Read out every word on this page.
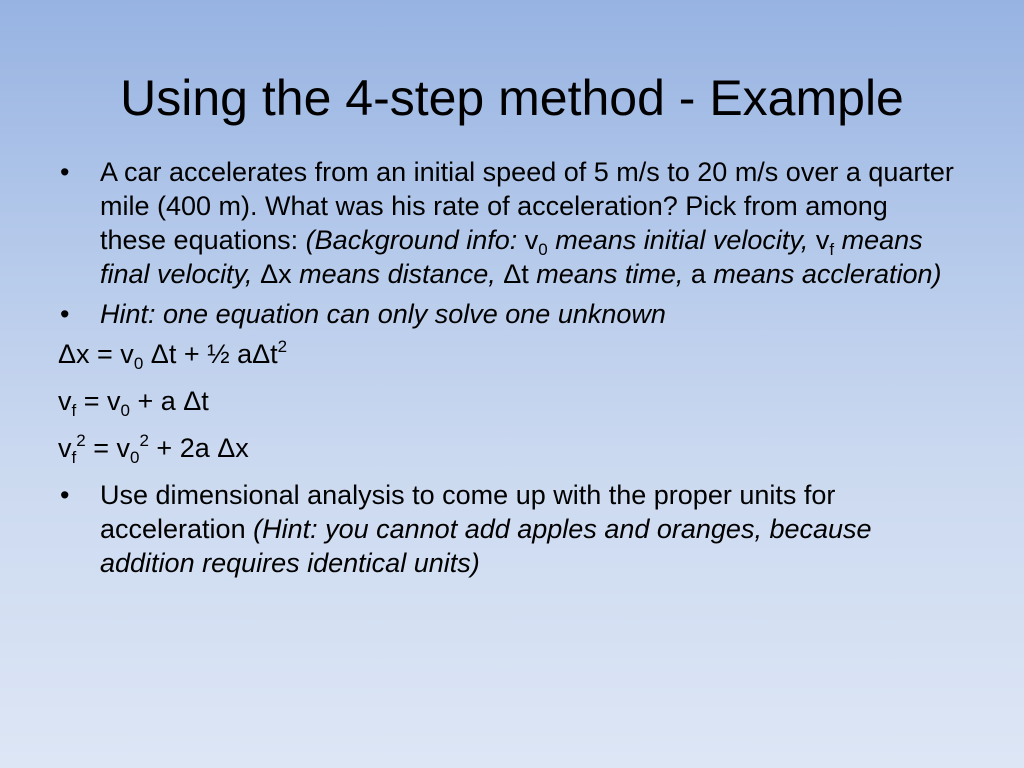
Using the 4-step method - Example
• A car accelerates from an initial speed of 5 m/s to 20 m/s over a quarter mile (400 m). What was his rate of acceleration? Pick from among these equations: (Background info: $v_0$ means initial velocity, $v_f$ means final velocity, Δx means distance, Δt means time, a means accleration)
• Hint: one equation can only solve one unknown
$\Delta x = v_0$ Δt + ½ aΔt$^2$
$v_f = v_0 + a$ Δt
$v_f^2 = v_0^2 + 2a$ Δx
• Use dimensional analysis to come up with the proper units for acceleration (Hint: you cannot add apples and oranges, because addition requires identical units)
